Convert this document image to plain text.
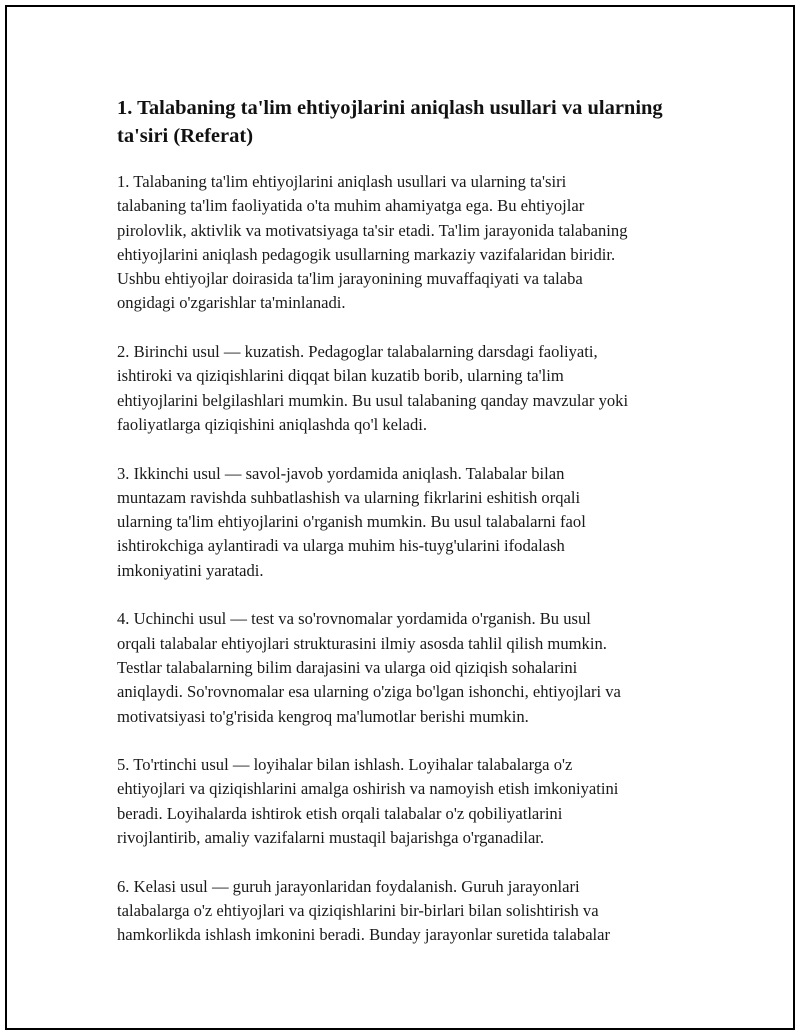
1. Talabaning ta'lim ehtiyojlarini aniqlash usullari va ularning
ta'siri (Referat)

1. Talabaning ta'lim ehtiyojlarini aniqlash usullari va ularning ta'siri
talabaning ta'lim faoliyatida o'ta muhim ahamiyatga ega. Bu ehtiyojlar
pirolovlik, aktivlik va motivatsiyaga ta'sir etadi. Ta'lim jarayonida talabaning
ehtiyojlarini aniqlash pedagogik usullarning markaziy vazifalaridan biridir.
Ushbu ehtiyojlar doirasida ta'lim jarayonining muvaffaqiyati va talaba
ongidagi o'zgarishlar ta'minlanadi.

2. Birinchi usul — kuzatish. Pedagoglar talabalarning darsdagi faoliyati,
ishtiroki va qiziqishlarini diqqat bilan kuzatib borib, ularning ta'lim
ehtiyojlarini belgilashlari mumkin. Bu usul talabaning qanday mavzular yoki
faoliyatlarga qiziqishini aniqlashda qo'l keladi.

3. Ikkinchi usul — savol-javob yordamida aniqlash. Talabalar bilan
muntazam ravishda suhbatlashish va ularning fikrlarini eshitish orqali
ularning ta'lim ehtiyojlarini o'rganish mumkin. Bu usul talabalarni faol
ishtirokchiga aylantiradi va ularga muhim his-tuyg'ularini ifodalash
imkoniyatini yaratadi.

4. Uchinchi usul — test va so'rovnomalar yordamida o'rganish. Bu usul
orqali talabalar ehtiyojlari strukturasini ilmiy asosda tahlil qilish mumkin.
Testlar talabalarning bilim darajasini va ularga oid qiziqish sohalarini
aniqlaydi. So'rovnomalar esa ularning o'ziga bo'lgan ishonchi, ehtiyojlari va
motivatsiyasi to'g'risida kengroq ma'lumotlar berishi mumkin.

5. To'rtinchi usul — loyihalar bilan ishlash. Loyihalar talabalarga o'z
ehtiyojlari va qiziqishlarini amalga oshirish va namoyish etish imkoniyatini
beradi. Loyihalarda ishtirok etish orqali talabalar o'z qobiliyatlarini
rivojlantirib, amaliy vazifalarni mustaqil bajarishga o'rganadilar.

6. Kelasi usul — guruh jarayonlaridan foydalanish. Guruh jarayonlari
talabalarga o'z ehtiyojlari va qiziqishlarini bir-birlari bilan solishtirish va
hamkorlikda ishlash imkonini beradi. Bunday jarayonlar suretida talabalar
